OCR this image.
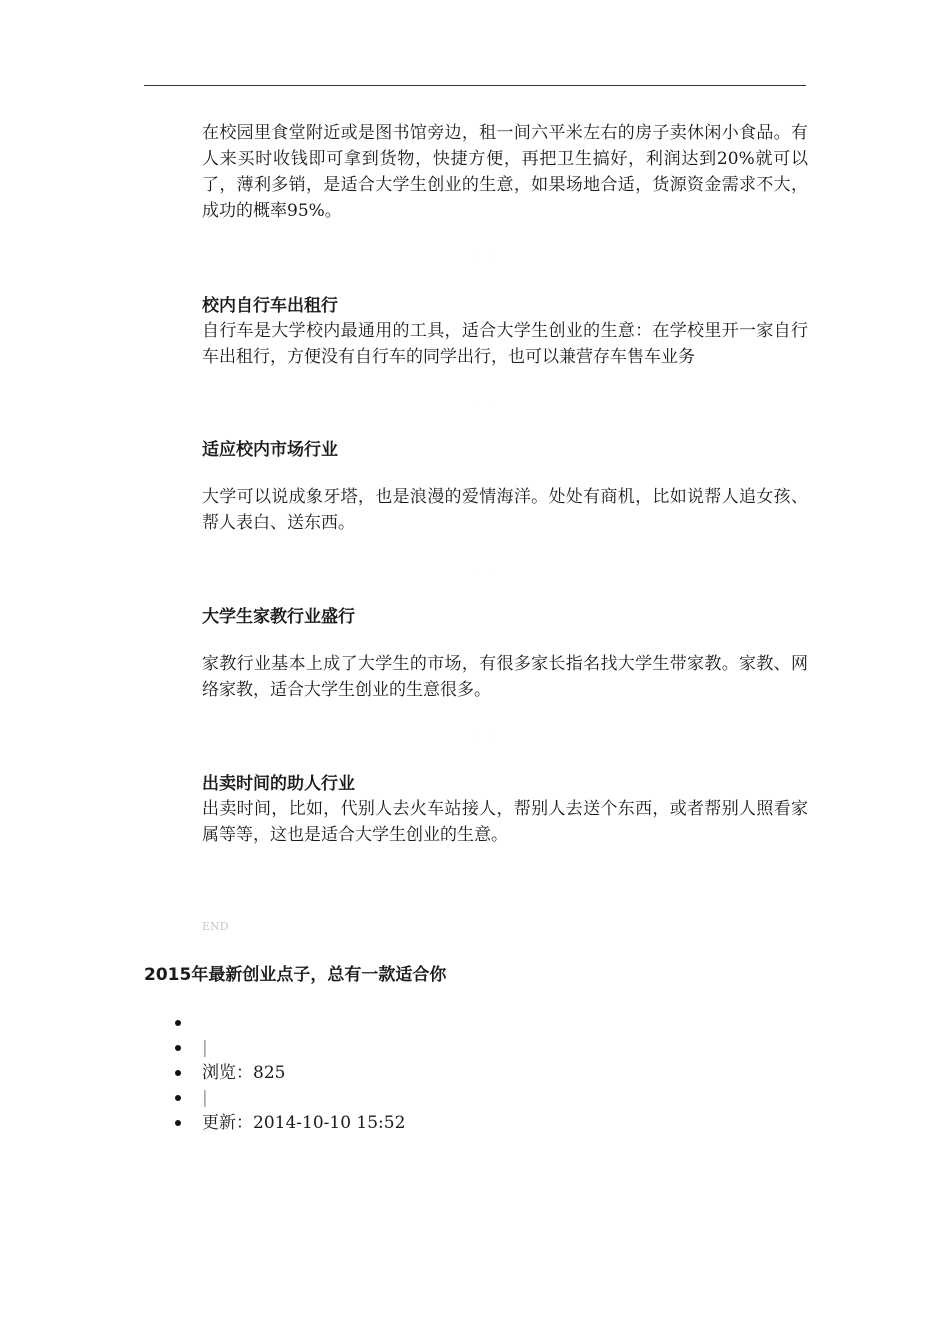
在校园里食堂附近或是图书馆旁边，租一间六平米左右的房子卖休闲小食品。有人来买时收钱即可拿到货物，快捷方便，再把卫生搞好，利润达到20%就可以了，薄利多销，是适合大学生创业的生意，如果场地合适，货源资金需求不大，成功的概率95%。

··
校内自行车出租行

自行车是大学校内最通用的工具，适合大学生创业的生意：在学校里开一家自行车出租行，方便没有自行车的同学出行，也可以兼营存车售车业务

··
适应校内市场行业

大学可以说成象牙塔，也是浪漫的爱情海洋。处处有商机，比如说帮人追女孩、帮人表白、送东西。

··
大学生家教行业盛行

家教行业基本上成了大学生的市场，有很多家长指名找大学生带家教。家教、网络家教，适合大学生创业的生意很多。

··
出卖时间的助人行业

出卖时间，比如，代别人去火车站接人，帮别人去送个东西，或者帮别人照看家属等等，这也是适合大学生创业的生意。

END
2015年最新创业点子，总有一款适合你
|
浏览：825
|
更新：2014-10-10 15:52
